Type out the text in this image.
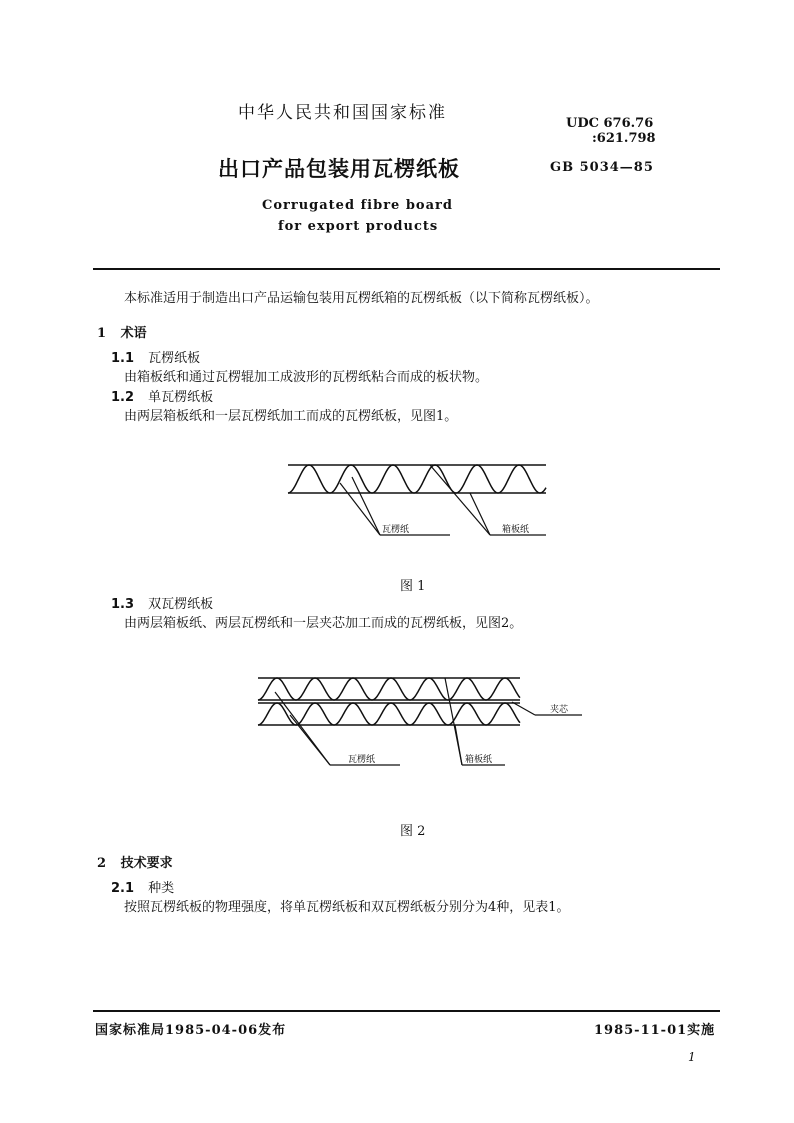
中华人民共和国国家标准
UDC 676.76
:621.798
出口产品包装用瓦楞纸板	GB 5034—85
Corrugated fibre board
for export products
本标准适用于制造出口产品运输包装用瓦楞纸箱的瓦楞纸板（以下简称瓦楞纸板）。
1 术语
1.1 瓦楞纸板
由箱板纸和通过瓦楞辊加工成波形的瓦楞纸粘合而成的板状物。
1.2 单瓦楞纸板
由两层箱板纸和一层瓦楞纸加工而成的瓦楞纸板，见图1。
瓦楞纸	箱板纸
图 1
1.3 双瓦楞纸板
由两层箱板纸、两层瓦楞纸和一层夹芯加工而成的瓦楞纸板，见图2。
夹芯
瓦楞纸	箱板纸
图 2
2 技术要求
2.1 种类
按照瓦楞纸板的物理强度，将单瓦楞纸板和双瓦楞纸板分别分为4种，见表1。
国家标准局1985-04-06发布	1985-11-01实施
1
